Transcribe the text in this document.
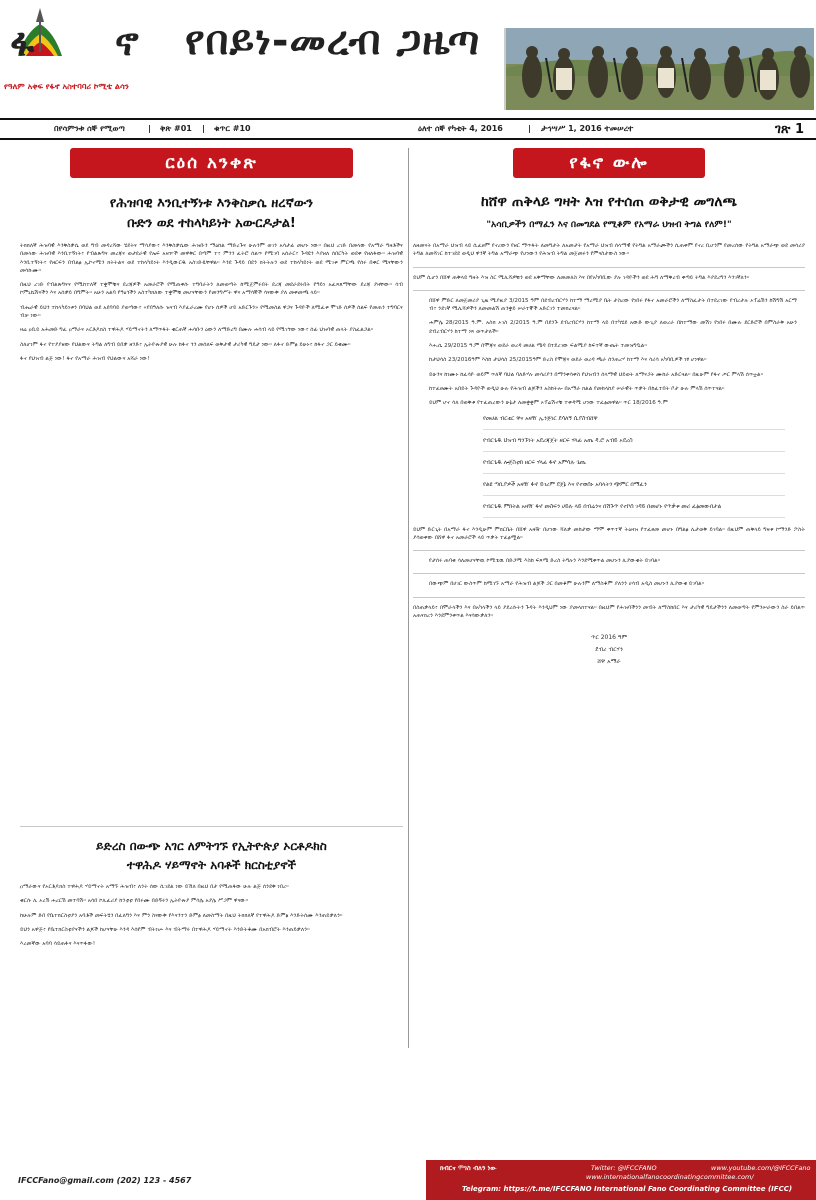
ፋ ኖ የበይነ-መረብ ጋዜጣ
የዓለም አቀፍ የፋኖ አስተባባሪ ኮሚቴ ልሳን
በየሳምንቱ ሰኞ የሚወጣ	| ቅጽ #01 | ቁጥር #10	ዕለተ ሰኞ የካቲት 4, 2016	| ታኅሣሥ 1, 2016 ተመሠረተ	ገጽ 1
ርዕሰ አንቀጽ
የሕዝባዊ እንቢተኝነቱ እንቅስቃሴ ዘረኛውን
ቡድን ወደ ተከላካይነት አውርዶታል!

ትክክለኛ ሕዝባዊ እንቅስቃሴ ወደ ግብ መዳረሻው ሄደትና ማሳያው፥ እንቅስቃሴው ሕዝቡን ማዕከል ማድረጉና ሁሉንም ወገን አሳታፊ መሆኑ ነው። በዚህ ረገድ በመላው የአማራ ግዛቶችና በመላው ሕዝባዊ እንቢተኝነት፥ የብልጽግና መረጃና ወታደራዊ የኤፍ አዛዦች መዋቅር በጣም ተ፥ ምንን ፈትሮ ሰልጥ የሚገባ አሰራር፥ ጉዳዩን እያዘለ ሰበርካት ወደቀ የዘለፋው። ሕዝባዊ እንቢተኝነት፥ የዘርፍን በብልፅ ኢኮኖሚን ክትትልና ወደ ተከላካይነት እንዲውርዱ አስገድዷቸዋል። እንደ ጉዳይ በደን ክትትሉን ወደ ተከላካይነት ወደ ሚገቱ ምርጫ የሰሩ በቀር ሚናቸውን መሳኩሙ።

በዚህ ረገድ የብልጽግናና የሚከተለኛ ተቋሞቹና ደረጃዎች አመራሮች የሚጠቀሱ ተግባራትን ለመወጣት ከሚጀምሩበት ደረጃ መደራደሩበት የዓይነ አፈጻጸማቸው ደረጃ ያዛቸው። ሳብ ኮምኒኬሽናችን እና አሰቃይ በግምት። አሁን አልባ የዓዕጎችን አስተካክለው ተቋሞቹ መሆናቸውን የመንግሥት ዋና አማሳኞች ሳናውቅ ያለ መቀመጫ ላይ።

ብሔራዊ ይህን ተከላካይነቱን በባህል ወደ አደባባይ ያወጣው፥ «የበዓለሱ ዝናብ እያፈራረሙ የሆኑ ሰዎች ሆይ አድርጉን» የሚመስል ዋጋና ጉዳዮች ለሚፈቱ ሞገድ ሰዎች ሰልፍ የመጠን ተግባርና ብቻ ነው።

ዛሬ ዐቢይ አሕመድ ግፈ ዐማራና ኦርቶዶክስ ተዋሕዶ ሃይማኖትን ለማጥፋት ቁርጠኛ ሐሳቡን ዕውን ለማድረግ በሙሉ ሐሳብ ላይ የሚገኘው ነው፥ ሰፊ ህዝባዊ ጠላት ያስፈልጋል።

ስለሆነም ፋኖ የተያያዘው የህልውና ትግል ለግብ ይበቃ ዘንድ፥ ኢትዮጵያዊ ሁሉ ከፋኖ ጎን መሰለፍ ወቅታዊ ታሪካዊ ግዴታ ነው። ለፋኖ ድምፅ ይሁኑ፥ ከፋኖ ጋር ይቁሙ።

ፋኖ የህዝብ ልጅ ነው! ፋኖ የአማራ ሕዝብ የህልውና አሻራ ነው!

ይድረስ በውጭ አገር ለምትገኙ የኢትዮጵያ ኦርቶዶክስ
ተዋሕዶ ሃይማኖት አባቶች ክርስቲያኖች

ዐማራውና የኦርቶዶክስ ተዋሕዶ ሃይማኖት አማኙ ሕዝብ፥ ለንት ሰው ሲገደል ነው ይኸለ በዚህ በታ የሚጠፋው ሁሉ ልጅ ሰንደቅ ነበረ።

ቁርሱ ሊ ኦረሽ ሐረርሽ መተባሽ። አሳበ ኮሊፈሪያ ከንቲቲ የበሩሙ በድኝሩን ኢትዮጵያ ምሳሌ አያሌ ሥጋም ዋናው።

ከሁሉም ድበ የቤተክርስቲያን አባቶች መፍትሄን በፈለግን እና ምን ስናውቅ የእናንተን ድምፅ ለመስማት በዚህ ትክክለኛ የተዋሕዶ ድምፅ እንድትሰሙ እንጠይቃለን።

ይህን አዋጅ፥ የቤተክርስቲያናችን ልጆች ከሆናቸሁ እንዳ እሰየም ብትነሡ እና ብትማሩ በተዋሕዶ ሃይማኖት እንድትቆሙ በአክብሮት እንጠይቃለን።

እረመኛው አባባ ሳይጠፋና እናጥፋው!

የፋኖ ውሎ
ከሸዋ ጠቅላይ ግዛት እዝ የተሰጠ ወቅታዊ መግለጫ
"አሳቢዎችን በማፈን እና በመግደል የሚቆም የአማራ ህዝብ ትግል የለም!"

ለዘመናት በአማራ ህዝብ ላይ ሲፈፀም የኖረውን የዘር ማጥፋት ለመግታት ለአመታት የአማራ ህዝብ ሰላማዊ የትግል አማራጮችን ሲጠቀም የኖረ ቢሆንም የመረሰው የትግል አማራጭ ወደ መሳሪያ ትግል ለመሻገር ከተገደደ ወዲህ ዋንኛ ትግል አማራጭ የሆነውን የሕዝብ ትግል መጀመሩን የምናስታውስ ነው።

ይህም ሲሆን በሸዋ ጠቅላይ ግዛት እዝ ስር ሚሊሻዎቹን ወደ አቅማቸው ለመመለስ እና በየአካባቢው ያሉ ገዳዮችን ወደ ሕግ ለማቅረብ ቀጣይ ትግል እያደረግን እንገኛለን።

በሸዋ ምድር ለመጀመሪያ ጊዜ ሚያዚያ 3/2015 ዓም በደብረብርሃን ከተማ ማረሚያ ቤት ታስረው የነበሩ የፋኖ አመራሮችን ለማስፈታት በተደረገው የብረታሉ ኦፕሬሽን ከሽግሽ አርማ ብ፥ ንደገኛ ሚሊሻዎችን ለመመልሽ ጠንቋይ ሠራተኞች አድርገን ተመክረናል።

ሐምሌ 28/2015 ዓ.ም. አስክ ኦገስ 2/2015 ዓ.ም በደንጉ ደብረብርሃን ከተማ ላይ በተካሄደ አውድ ውጊያ ለወረራ በከተማው መሽገ የነበሩ በሙሉ ደርድሮች በምስራቅ አሁን ደብረብርሃን ከተማ ነጻ ወጥታለች።

እሑሴ 29/2015 ዓ.ም በሞጃና ወደራ ወረዳ መሀል ሜዳ በተደረገው ፍልሚያ ከፍተኛ ውጤት ተመዝግቧል።

ከታህሳስ 23/2016ዓም እስከ ታህሳስ 25/2015ዓም ድረስ የሞጃና ወደራ ወረዳ ጫራ ሰንጠረሃ ከተማ እና ሳሪሳ አካባቢዎች ነፃ ሆነዋል።

ይሁንና ከነሙኑ ከፈሳዮ ወይም ጥለኛ ባህል ባለድሃሉ መሳሪያን በማንቀሳቀስ የህዝብን ሰላማዊ ህይወት ለማናጋት ሙከራ አድርጓል። በዚሁም የፋኖ ጦር ምላሽ ሰጥቷል።

ከተፈፀሙት አበይት ጉዳዮች ወዲህ ሁሉ የሕዝብ ልጆችን አስከትሎ በአማራ ክልል የመከላከያ ሠራዊት ጥቃት በከፈተበት ቦታ ሁሉ ምላሽ ሰጥተናል።

ይህም ሆኖ ሳለ በወቅቱ የተፈጠረውን ሁኔታ ለመቋቋም ኦፕሬሽኖቹ ተቀዳሚ ሆነው ተፈፅመዋል። ጥር 18/2016 ዓ.ም

የመሀል ብርቴር ዋና አዛዥ ኢንጅነር ደሳለኝ ሲያስብሸዋ
የብርጌዱ ህዝብ ግንኙነት አደረጃጀት ዘርፍ ሃላፊ አጤ ዳ.ሮ አብይ ኦደረስ
የብርጌዱ ሎጀስቲክ ዘርፍ ሃላፊ ፋኖ አምሳሉ ጌጤ
የልዩ ጣቢያዎች አዛዥ ፋኖ ይገረም ደጀኔ እና የተወሰኑ አባላትን ጭምር በማፈን
የብርጌዱ ምክትል አዛዥ ፋኖ መስፍን ሀይሉ ላይ በብሬንና በሽጉጥ የተኮሰ ገዳይ በመሆኑ የጥቃቱ መሪ ፈፅመውበታል

ይህም ድርጊት በአማራ ፋኖ እንዲሁም ምክርቤት በሸዋ አዛዥ በሆነው ሻለቃ መከታው ማሞ ቀጥተኛ ትዕዛዝ የተፈፀመ መሆኑ በግልፅ ሊታወቅ ይገባል። በዚህም ጠቅላይ ግዛቱ ኮማንድ ፖስት ያሳወቀው በሸዋ ፋኖ አመራሮች ላይ ጥቃት ተፈፅሟል።

የታሰሩ ጠባቂ ሳለመሆናቸዉ ኮሚቴዉ በድጋሚ እስከ ፍጻሜ ድረስ ትግሉን እንደሚቀጥል መሆኑን ሊያውቁት ይገባል።

በውጭም በሀገር ውስጥም ከሚገኙ አማራ የሕዝብ ልጆች ጋር በመቆም ሁሉንም ለማስቆም ያለንን ሀሳብ አዲስ መሆኑን ሊያውቁ ይገባል።

በስጠቃላይ፥ በሞራላችን እና በአካላችን ላይ ያደረሱትን ጉዳት እንዲህም ነው ያመላክተናል። በዚህም የሕዝባችንን መብት ለማስከበር እና ታሪካዊ ግዴታችንን ለመወጣት የምንሠራውን ስራ ይበልጥ አጠናክረን እንደምንቀጥል እናሳውቃለን።

ጥር 2016 ዓም
ደብረ ብርሃን
ሸዋ አማራ
IFCCFano@gmail.com (202) 123 - 4567
ክብርና ሞገስ ብለን ነው	Twitter: @IFCCFANO	www.youtube.com/@IFCCFano
www.internationalfanocoordinatingcommittee.com/
Telegram: https://t.me/IFCCFANO International Fano Coordinating Committee (IFCC)
